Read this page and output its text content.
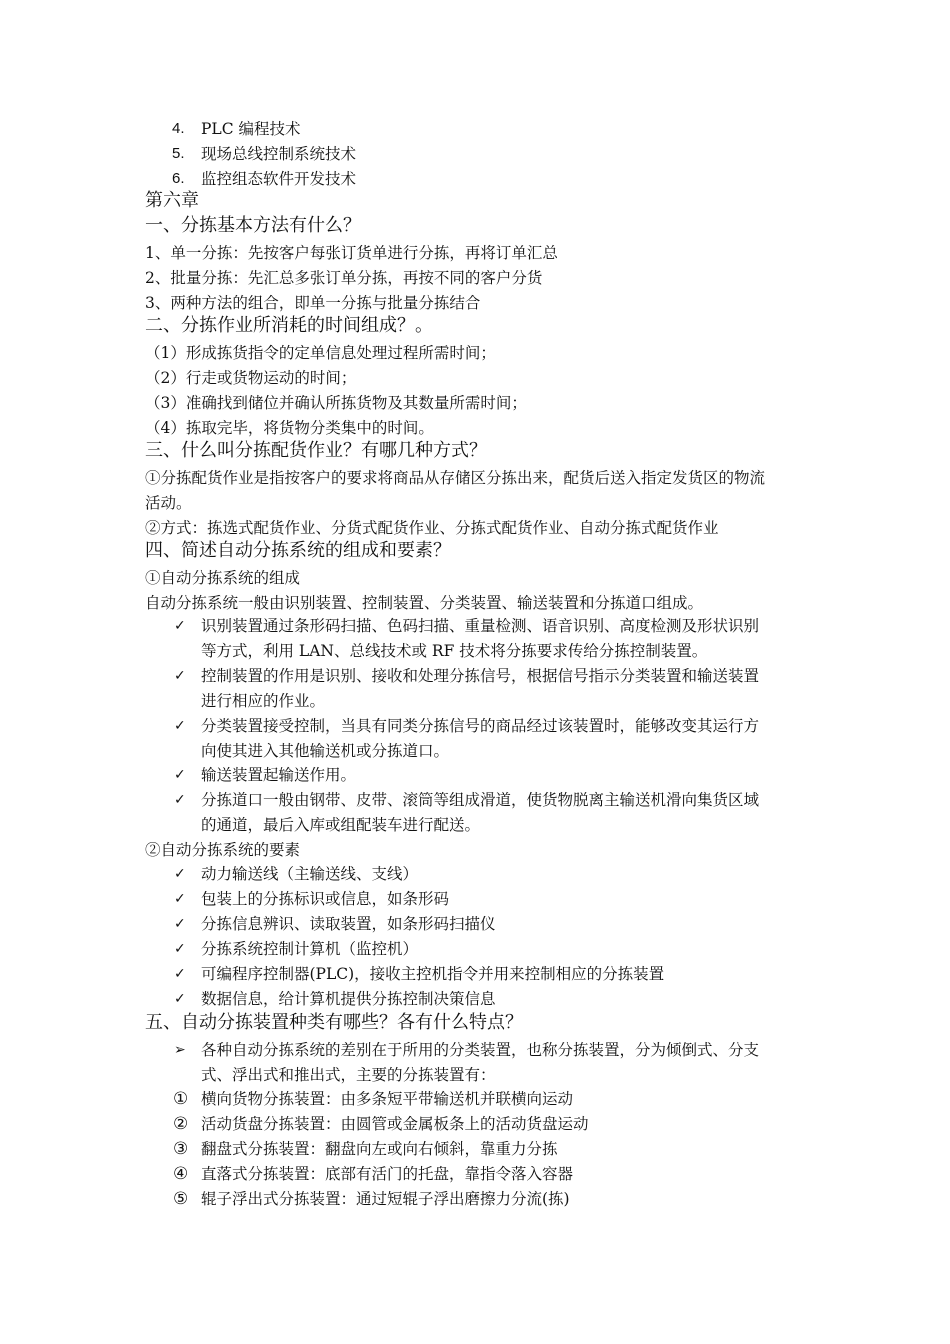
4. PLC 编程技术
5. 现场总线控制系统技术
6. 监控组态软件开发技术
第六章
一、分拣基本方法有什么？
1、单一分拣：先按客户每张订货单进行分拣，再将订单汇总
2、批量分拣：先汇总多张订单分拣，再按不同的客户分货
3、两种方法的组合，即单一分拣与批量分拣结合
二、分拣作业所消耗的时间组成？。
（1）形成拣货指令的定单信息处理过程所需时间；
（2）行走或货物运动的时间；
（3）准确找到储位并确认所拣货物及其数量所需时间；
（4）拣取完毕，将货物分类集中的时间。
三、什么叫分拣配货作业？有哪几种方式？
①分拣配货作业是指按客户的要求将商品从存储区分拣出来，配货后送入指定发货区的物流
活动。
②方式：拣选式配货作业、分货式配货作业、分拣式配货作业、自动分拣式配货作业
四、简述自动分拣系统的组成和要素？
①自动分拣系统的组成
自动分拣系统一般由识别装置、控制装置、分类装置、输送装置和分拣道口组成。
✓ 识别装置通过条形码扫描、色码扫描、重量检测、语音识别、高度检测及形状识别
等方式，利用 LAN、总线技术或 RF 技术将分拣要求传给分拣控制装置。
✓ 控制装置的作用是识别、接收和处理分拣信号，根据信号指示分类装置和输送装置
进行相应的作业。
✓ 分类装置接受控制，当具有同类分拣信号的商品经过该装置时，能够改变其运行方
向使其进入其他输送机或分拣道口。
✓ 输送装置起输送作用。
✓ 分拣道口一般由钢带、皮带、滚筒等组成滑道，使货物脱离主输送机滑向集货区域
的通道，最后入库或组配装车进行配送。
②自动分拣系统的要素
✓ 动力输送线（主输送线、支线）
✓ 包装上的分拣标识或信息，如条形码
✓ 分拣信息辨识、读取装置，如条形码扫描仪
✓ 分拣系统控制计算机（监控机）
✓ 可编程序控制器(PLC)，接收主控机指令并用来控制相应的分拣装置
✓ 数据信息，给计算机提供分拣控制决策信息
五、自动分拣装置种类有哪些？各有什么特点？
➢ 各种自动分拣系统的差别在于所用的分类装置，也称分拣装置，分为倾倒式、分支
式、浮出式和推出式，主要的分拣装置有：
① 横向货物分拣装置：由多条短平带输送机并联横向运动
② 活动货盘分拣装置：由圆管或金属板条上的活动货盘运动
③ 翻盘式分拣装置：翻盘向左或向右倾斜，靠重力分拣
④ 直落式分拣装置：底部有活门的托盘，靠指令落入容器
⑤ 辊子浮出式分拣装置：通过短辊子浮出磨擦力分流(拣)
